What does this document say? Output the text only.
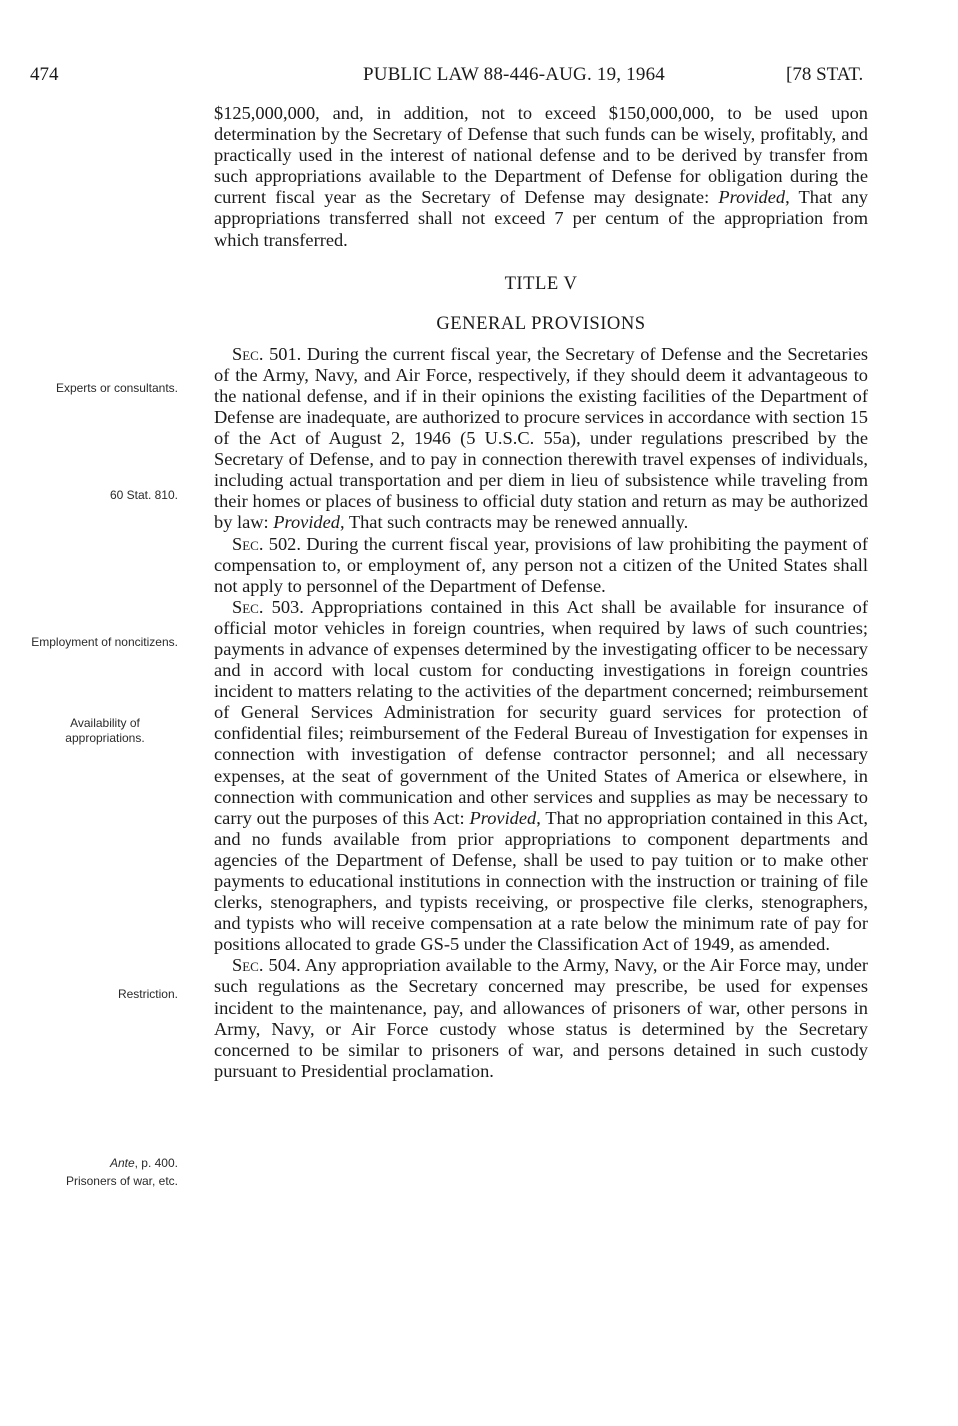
474	PUBLIC LAW 88-446-AUG. 19, 1964	[78 STAT.
Experts or consultants.
60 Stat. 810.
Employment of noncitizens.
Availability of appropriations.
Restriction.
Ante, p. 400.
Prisoners of war, etc.

$125,000,000, and, in addition, not to exceed $150,000,000, to be used upon determination by the Secretary of Defense that such funds can be wisely, profitably, and practically used in the interest of national defense and to be derived by transfer from such appropriations available to the Department of Defense for obligation during the current fiscal year as the Secretary of Defense may designate: Provided, That any appropriations transferred shall not exceed 7 per centum of the appropriation from which transferred.

TITLE V
GENERAL PROVISIONS

Sec. 501. During the current fiscal year, the Secretary of Defense and the Secretaries of the Army, Navy, and Air Force, respectively, if they should deem it advantageous to the national defense, and if in their opinions the existing facilities of the Department of Defense are inadequate, are authorized to procure services in accordance with section 15 of the Act of August 2, 1946 (5 U.S.C. 55a), under regulations prescribed by the Secretary of Defense, and to pay in connection therewith travel expenses of individuals, including actual transportation and per diem in lieu of subsistence while traveling from their homes or places of business to official duty station and return as may be authorized by law: Provided, That such contracts may be renewed annually.

Sec. 502. During the current fiscal year, provisions of law prohibiting the payment of compensation to, or employment of, any person not a citizen of the United States shall not apply to personnel of the Department of Defense.

Sec. 503. Appropriations contained in this Act shall be available for insurance of official motor vehicles in foreign countries, when required by laws of such countries; payments in advance of expenses determined by the investigating officer to be necessary and in accord with local custom for conducting investigations in foreign countries incident to matters relating to the activities of the department concerned; reimbursement of General Services Administration for security guard services for protection of confidential files; reimbursement of the Federal Bureau of Investigation for expenses in connection with investigation of defense contractor personnel; and all necessary expenses, at the seat of government of the United States of America or elsewhere, in connection with communication and other services and supplies as may be necessary to carry out the purposes of this Act: Provided, That no appropriation contained in this Act, and no funds available from prior appropriations to component departments and agencies of the Department of Defense, shall be used to pay tuition or to make other payments to educational institutions in connection with the instruction or training of file clerks, stenographers, and typists receiving, or prospective file clerks, stenographers, and typists who will receive compensation at a rate below the minimum rate of pay for positions allocated to grade GS-5 under the Classification Act of 1949, as amended.

Sec. 504. Any appropriation available to the Army, Navy, or the Air Force may, under such regulations as the Secretary concerned may prescribe, be used for expenses incident to the maintenance, pay, and allowances of prisoners of war, other persons in Army, Navy, or Air Force custody whose status is determined by the Secretary concerned to be similar to prisoners of war, and persons detained in such custody pursuant to Presidential proclamation.
